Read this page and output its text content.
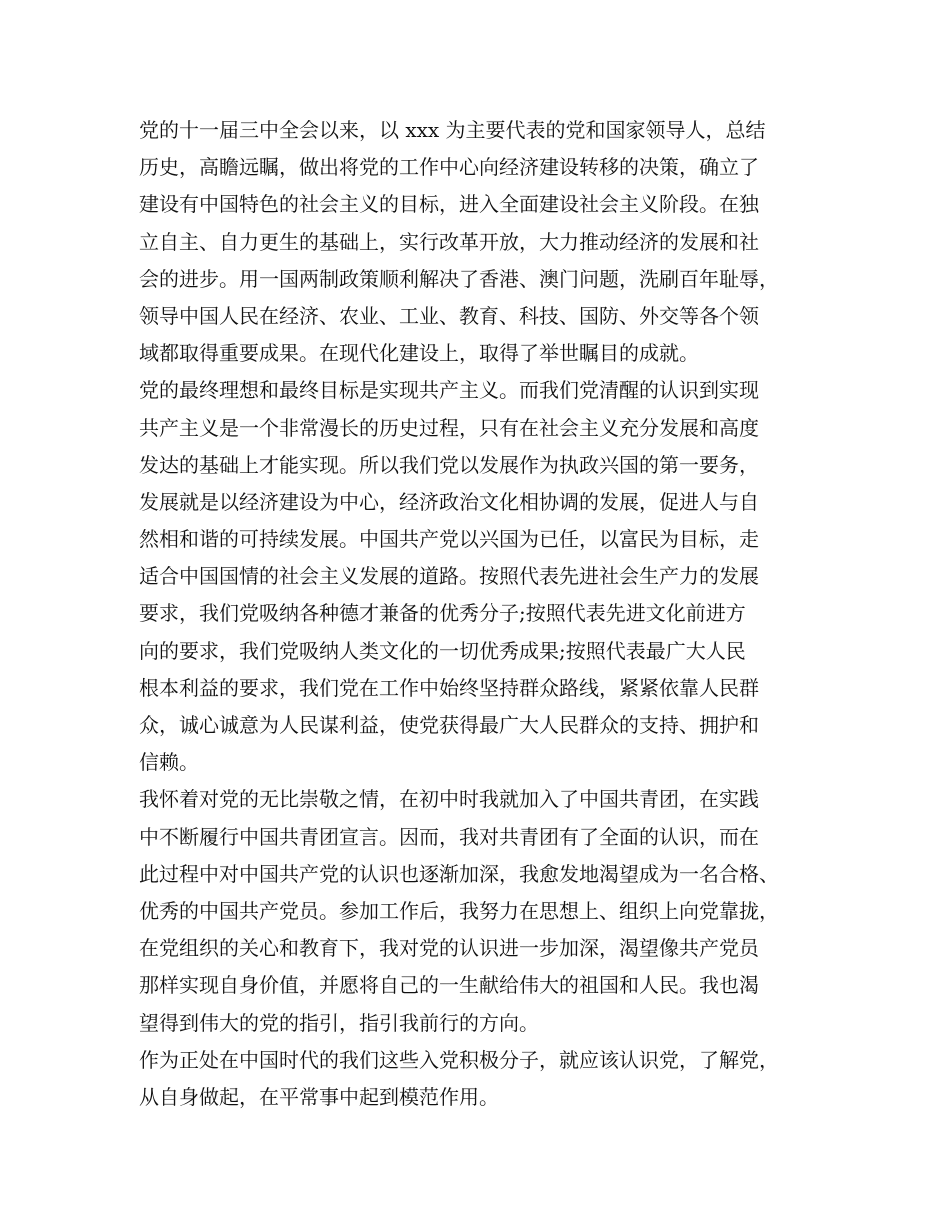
党的十一届三中全会以来，以 xxx 为主要代表的党和国家领导人，总结
历史，高瞻远瞩，做出将党的工作中心向经济建设转移的决策，确立了
建设有中国特色的社会主义的目标，进入全面建设社会主义阶段。在独
立自主、自力更生的基础上，实行改革开放，大力推动经济的发展和社
会的进步。用一国两制政策顺利解决了香港、澳门问题，洗刷百年耻辱，
领导中国人民在经济、农业、工业、教育、科技、国防、外交等各个领
域都取得重要成果。在现代化建设上，取得了举世瞩目的成就。
党的最终理想和最终目标是实现共产主义。而我们党清醒的认识到实现
共产主义是一个非常漫长的历史过程，只有在社会主义充分发展和高度
发达的基础上才能实现。所以我们党以发展作为执政兴国的第一要务，
发展就是以经济建设为中心，经济政治文化相协调的发展，促进人与自
然相和谐的可持续发展。中国共产党以兴国为已任，以富民为目标，走
适合中国国情的社会主义发展的道路。按照代表先进社会生产力的发展
要求，我们党吸纳各种德才兼备的优秀分子;按照代表先进文化前进方
向的要求，我们党吸纳人类文化的一切优秀成果;按照代表最广大人民
根本利益的要求，我们党在工作中始终坚持群众路线，紧紧依靠人民群
众，诚心诚意为人民谋利益，使党获得最广大人民群众的支持、拥护和
信赖。
我怀着对党的无比崇敬之情，在初中时我就加入了中国共青团，在实践
中不断履行中国共青团宣言。因而，我对共青团有了全面的认识，而在
此过程中对中国共产党的认识也逐渐加深，我愈发地渴望成为一名合格、
优秀的中国共产党员。参加工作后，我努力在思想上、组织上向党靠拢，
在党组织的关心和教育下，我对党的认识进一步加深，渴望像共产党员
那样实现自身价值，并愿将自己的一生献给伟大的祖国和人民。我也渴
望得到伟大的党的指引，指引我前行的方向。
作为正处在中国时代的我们这些入党积极分子，就应该认识党，了解党，
从自身做起，在平常事中起到模范作用。
